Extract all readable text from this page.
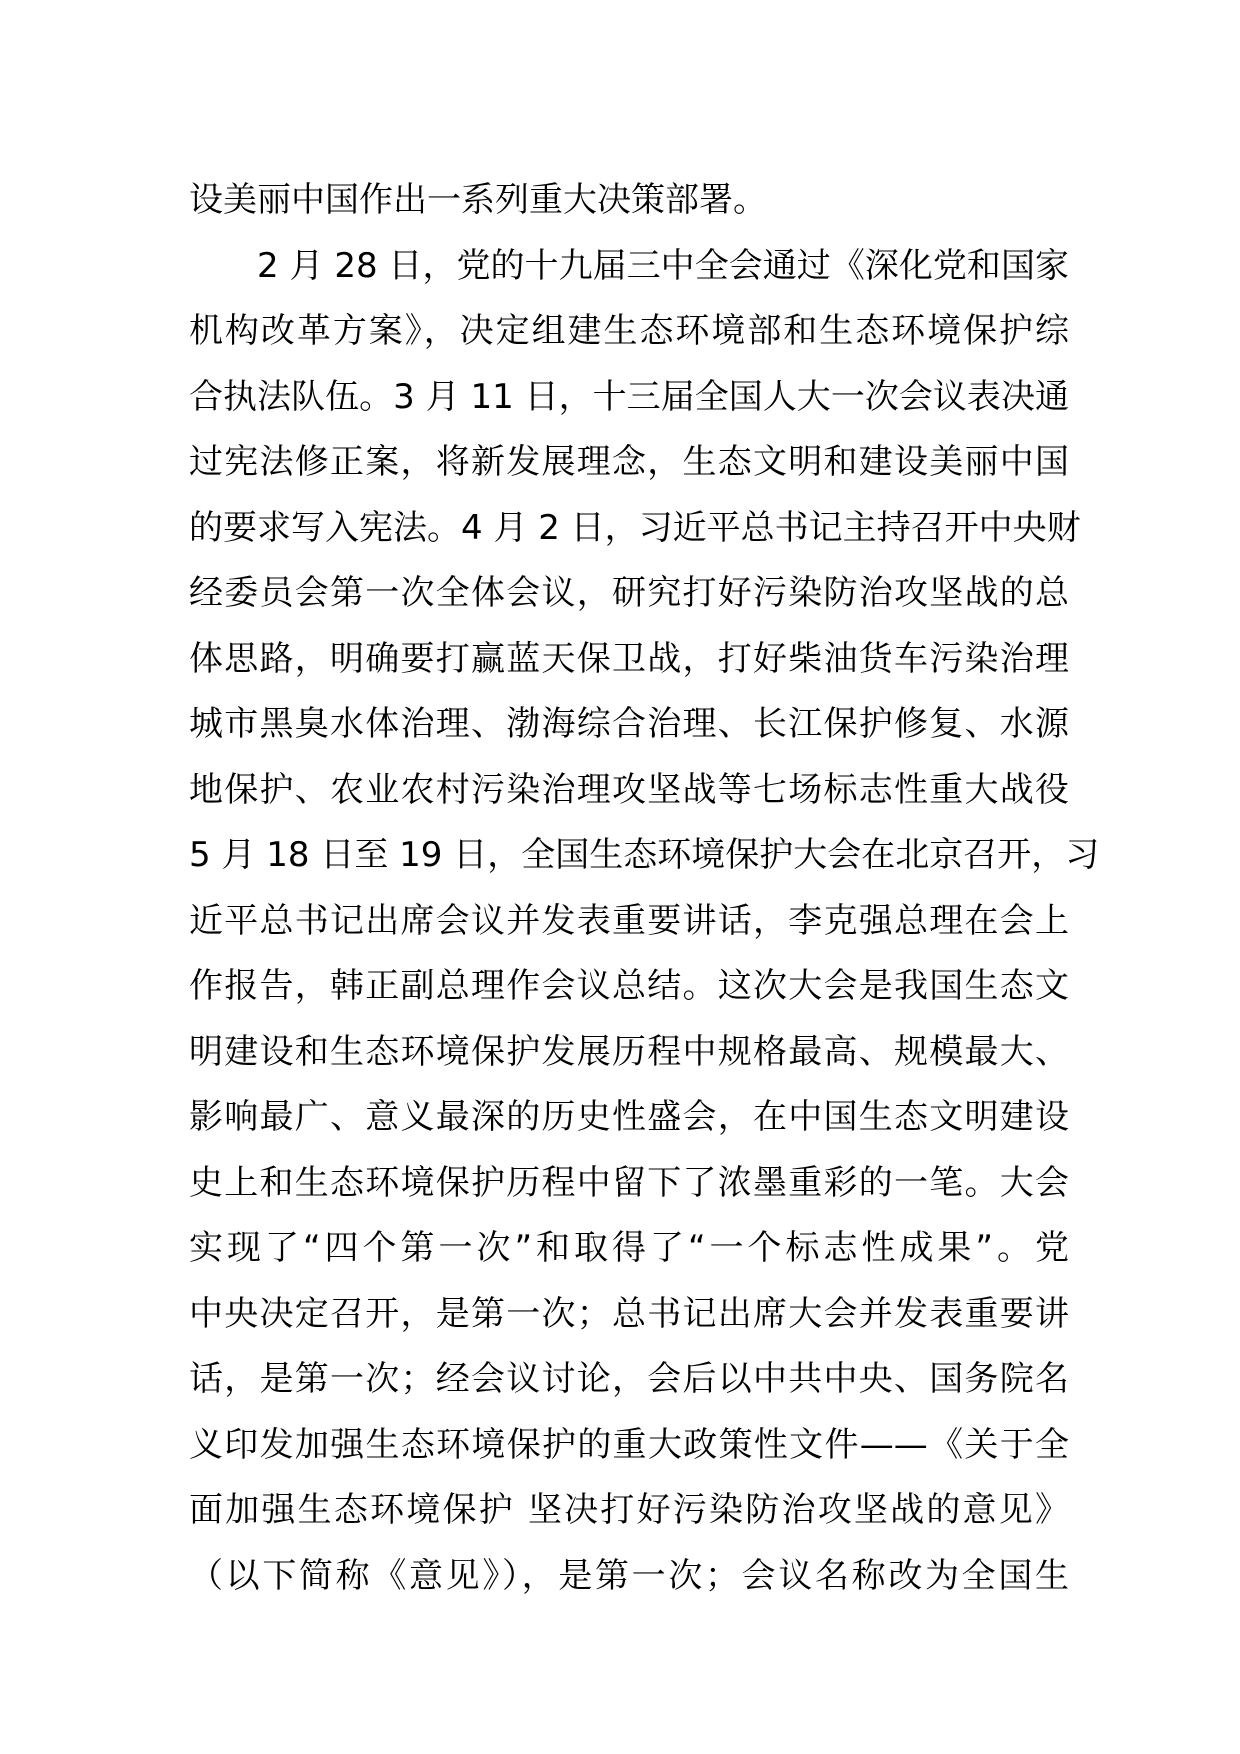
设美丽中国作出一系列重大决策部署。
2 月 28 日，党的十九届三中全会通过《深化党和国家
机构改革方案》，决定组建生态环境部和生态环境保护综
合执法队伍。3 月 11 日，十三届全国人大一次会议表决通
过宪法修正案，将新发展理念，生态文明和建设美丽中国
的要求写入宪法。4 月 2 日，习近平总书记主持召开中央财
经委员会第一次全体会议，研究打好污染防治攻坚战的总
体思路，明确要打赢蓝天保卫战，打好柴油货车污染治理
城市黑臭水体治理、渤海综合治理、长江保护修复、水源
地保护、农业农村污染治理攻坚战等七场标志性重大战役
5 月 18 日至 19 日，全国生态环境保护大会在北京召开，习
近平总书记出席会议并发表重要讲话，李克强总理在会上
作报告，韩正副总理作会议总结。这次大会是我国生态文
明建设和生态环境保护发展历程中规格最高、规模最大、
影响最广、意义最深的历史性盛会，在中国生态文明建设
史上和生态环境保护历程中留下了浓墨重彩的一笔。大会
实现了“四个第一次”和取得了“一个标志性成果”。党
中央决定召开，是第一次；总书记出席大会并发表重要讲
话，是第一次；经会议讨论，会后以中共中央、国务院名
义印发加强生态环境保护的重大政策性文件——《关于全
面加强生态环境保护 坚决打好污染防治攻坚战的意见》
（以下简称《意见》），是第一次；会议名称改为全国生
